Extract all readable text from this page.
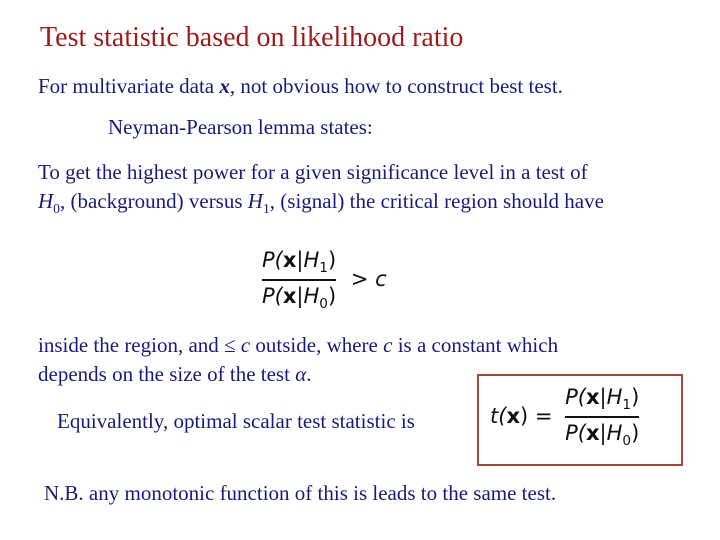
Test statistic based on likelihood ratio
For multivariate data x, not obvious how to construct best test.
Neyman-Pearson lemma states:
To get the highest power for a given significance level in a test of
$H_0$, (background) versus $H_1$, (signal) the critical region should have
$\frac{P(x|H_1)}{P(x|H_0)} > c$
inside the region, and ≤ c outside, where c is a constant which
depends on the size of the test α.
Equivalently, optimal scalar test statistic is	$t(x) = \frac{P(x|H_1)}{P(x|H_0)}$
N.B. any monotonic function of this is leads to the same test.
